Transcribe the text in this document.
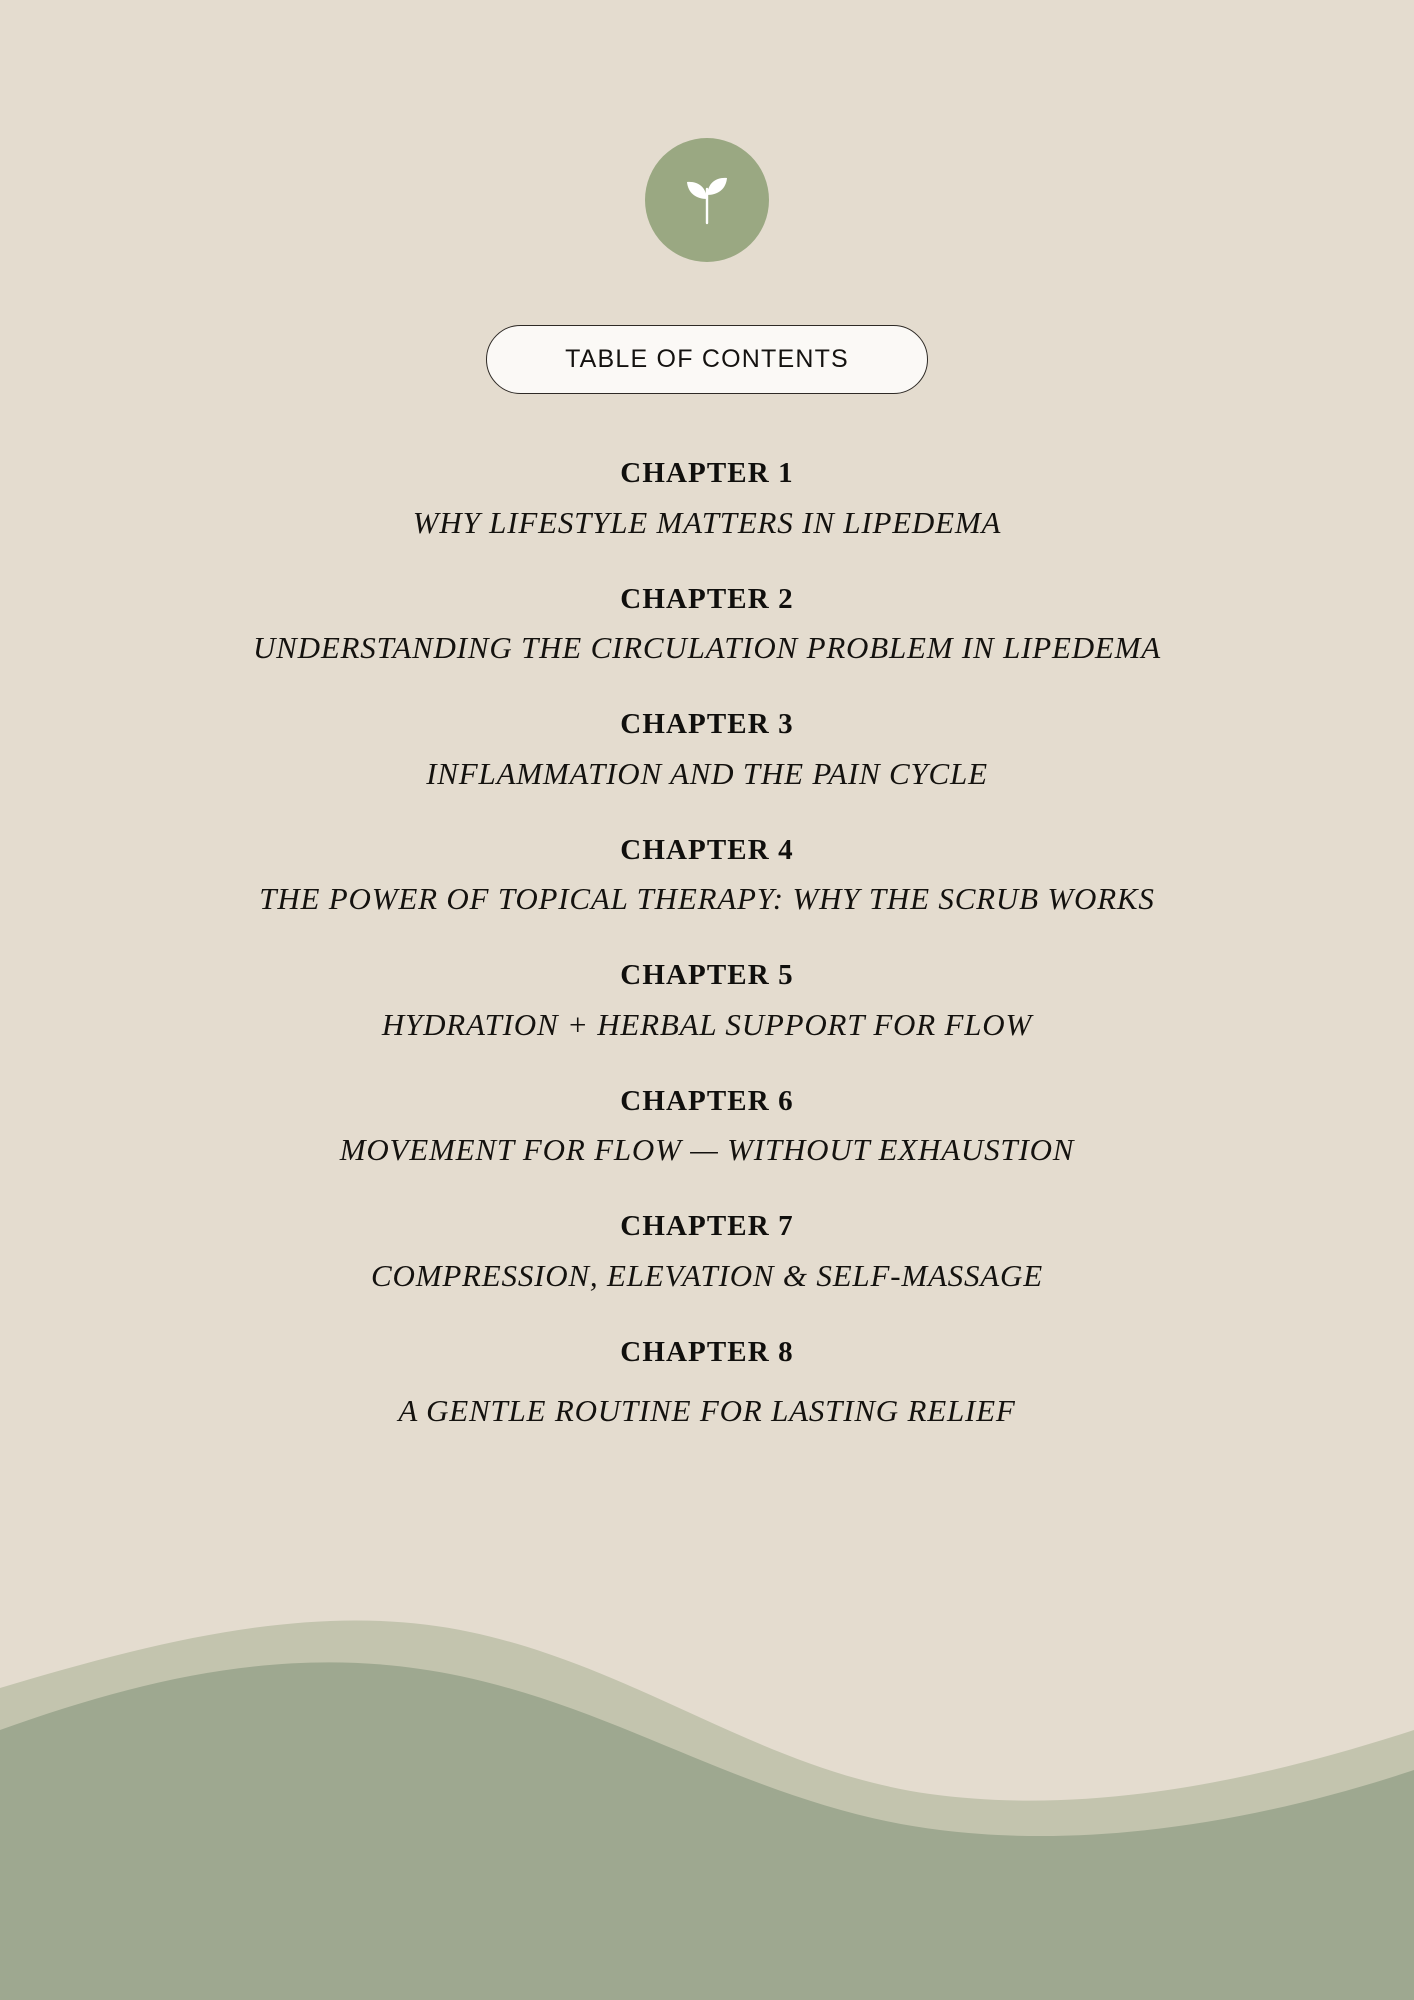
TABLE OF CONTENTS
CHAPTER 1
WHY LIFESTYLE MATTERS IN LIPEDEMA
CHAPTER 2
UNDERSTANDING THE CIRCULATION PROBLEM IN LIPEDEMA
CHAPTER 3
INFLAMMATION AND THE PAIN CYCLE
CHAPTER 4
THE POWER OF TOPICAL THERAPY: WHY THE SCRUB WORKS
CHAPTER 5
HYDRATION + HERBAL SUPPORT FOR FLOW
CHAPTER 6
MOVEMENT FOR FLOW — WITHOUT EXHAUSTION
CHAPTER 7
COMPRESSION, ELEVATION & SELF-MASSAGE
CHAPTER 8
A GENTLE ROUTINE FOR LASTING RELIEF
